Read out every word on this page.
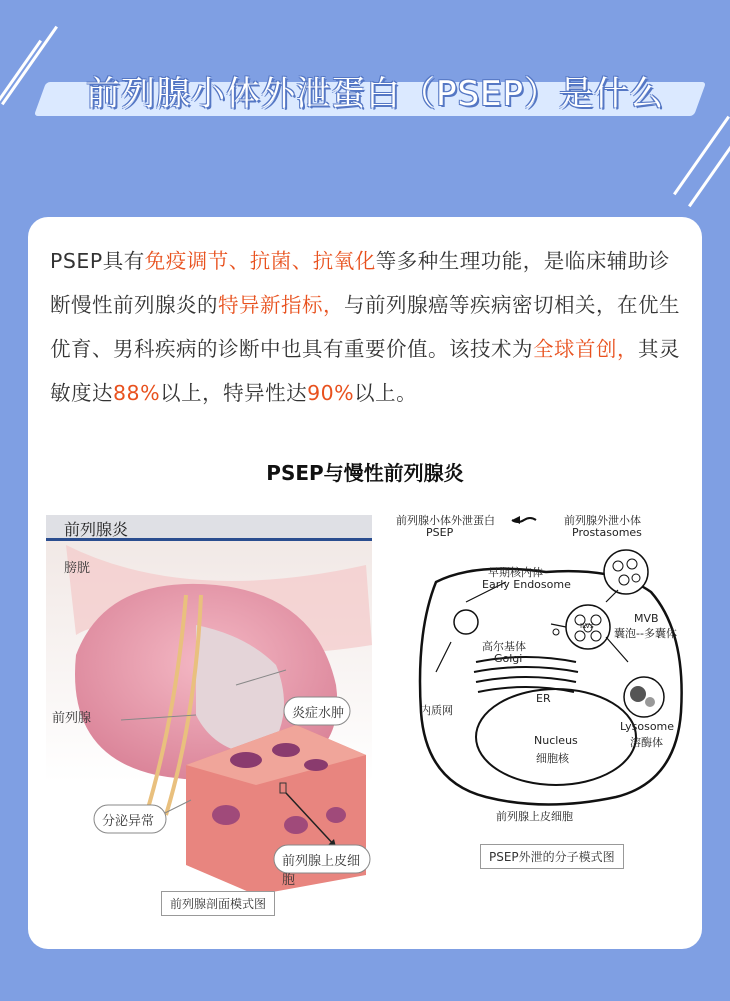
前列腺小体外泄蛋白（PSEP）是什么
PSEP具有免疫调节、抗菌、抗氧化等多种生理功能，是临床辅助诊断慢性前列腺炎的特异新指标，与前列腺癌等疾病密切相关，在优生优育、男科疾病的诊断中也具有重要价值。该技术为全球首创，其灵敏度达88%以上，特异性达90%以上。
PSEP与慢性前列腺炎
前列腺炎
膀胱
前列腺	炎症水肿
分泌异常
前列腺上皮细胞
前列腺剖面模式图
前列腺小体外泄蛋白
PSEP
前列腺外泄小体
Prostasomes
早期核内体
Early Endosome
MVB
囊泡--多囊体
ILVs
高尔基体
Golgi
ER
内质网
Lysosome
溶酶体
Nucleus
细胞核
前列腺上皮细胞
PSEP外泄的分子模式图
